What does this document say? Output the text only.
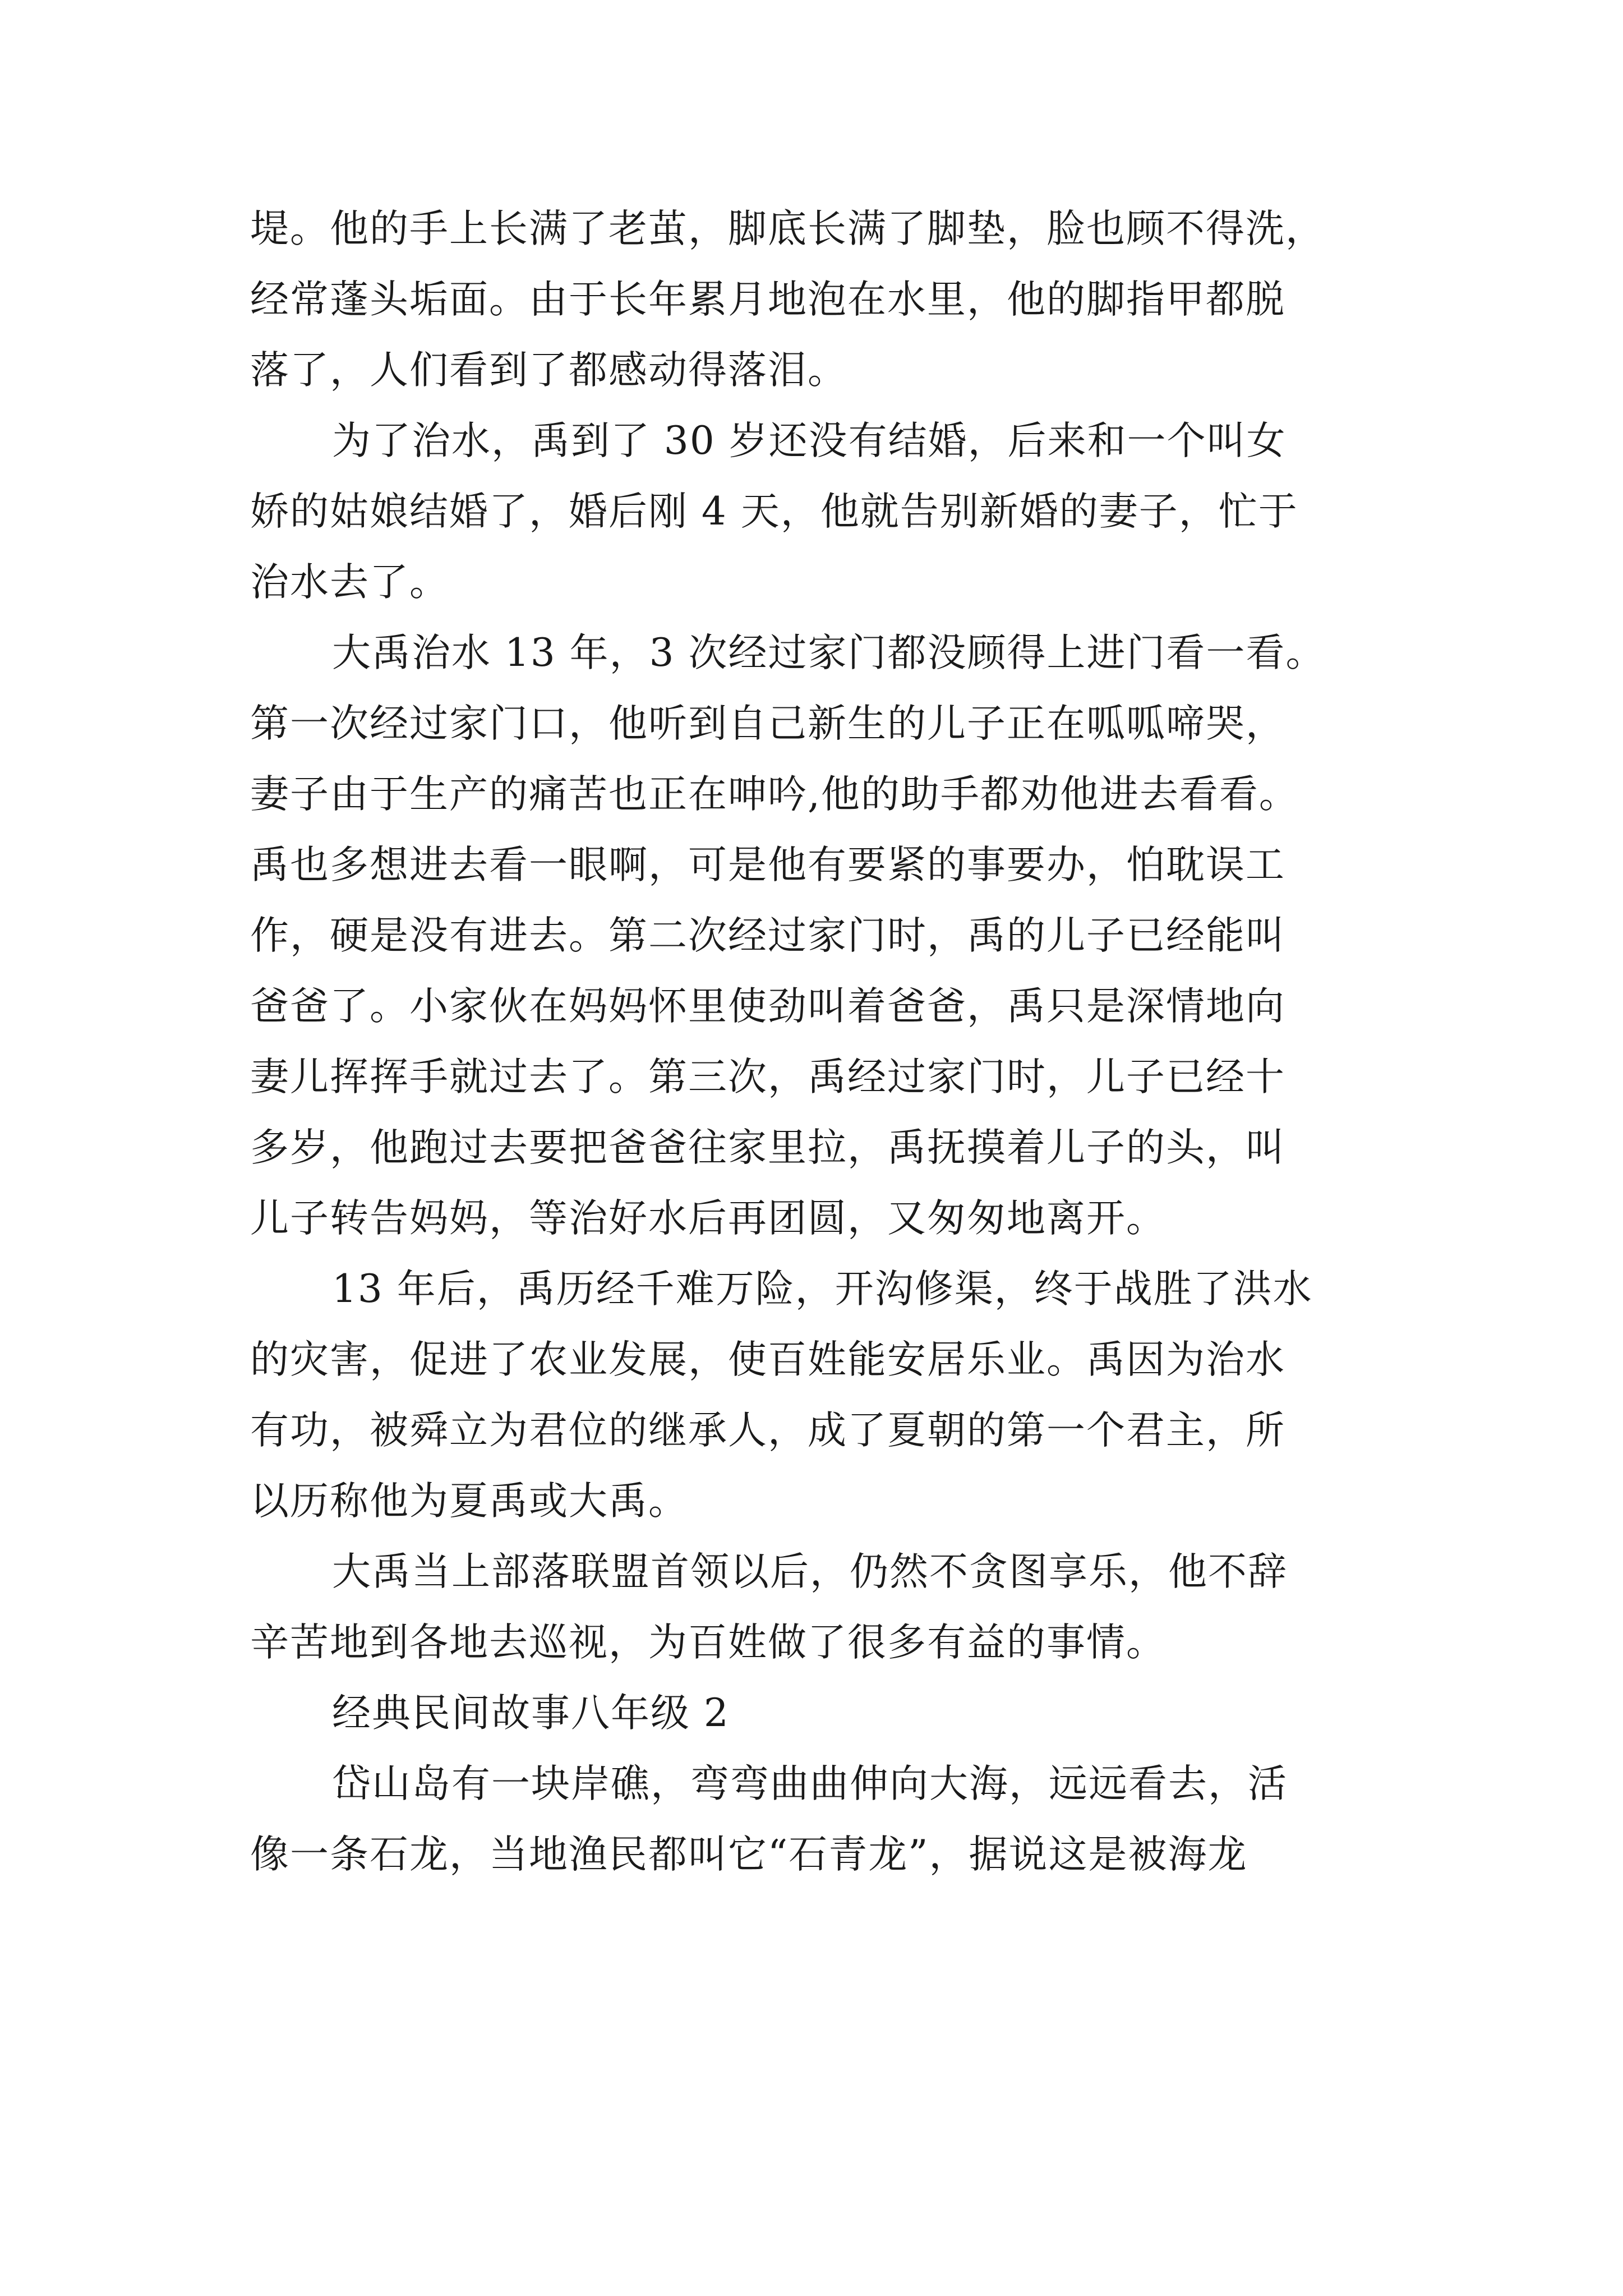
堤。他的手上长满了老茧，脚底长满了脚垫，脸也顾不得洗，
经常蓬头垢面。由于长年累月地泡在水里，他的脚指甲都脱
落了，人们看到了都感动得落泪。
为了治水，禹到了 30 岁还没有结婚，后来和一个叫女
娇的姑娘结婚了，婚后刚 4 天，他就告别新婚的妻子，忙于
治水去了。
大禹治水 13 年，3 次经过家门都没顾得上进门看一看。
第一次经过家门口，他听到自己新生的儿子正在呱呱啼哭，
妻子由于生产的痛苦也正在呻吟,他的助手都劝他进去看看。
禹也多想进去看一眼啊，可是他有要紧的事要办，怕耽误工
作，硬是没有进去。第二次经过家门时，禹的儿子已经能叫
爸爸了。小家伙在妈妈怀里使劲叫着爸爸，禹只是深情地向
妻儿挥挥手就过去了。第三次，禹经过家门时，儿子已经十
多岁，他跑过去要把爸爸往家里拉，禹抚摸着儿子的头，叫
儿子转告妈妈，等治好水后再团圆，又匆匆地离开。
13 年后，禹历经千难万险，开沟修渠，终于战胜了洪水
的灾害，促进了农业发展，使百姓能安居乐业。禹因为治水
有功，被舜立为君位的继承人，成了夏朝的第一个君主，所
以历称他为夏禹或大禹。
大禹当上部落联盟首领以后，仍然不贪图享乐，他不辞
辛苦地到各地去巡视，为百姓做了很多有益的事情。
经典民间故事八年级 2
岱山岛有一块岸礁，弯弯曲曲伸向大海，远远看去，活
像一条石龙，当地渔民都叫它“石青龙”，据说这是被海龙
